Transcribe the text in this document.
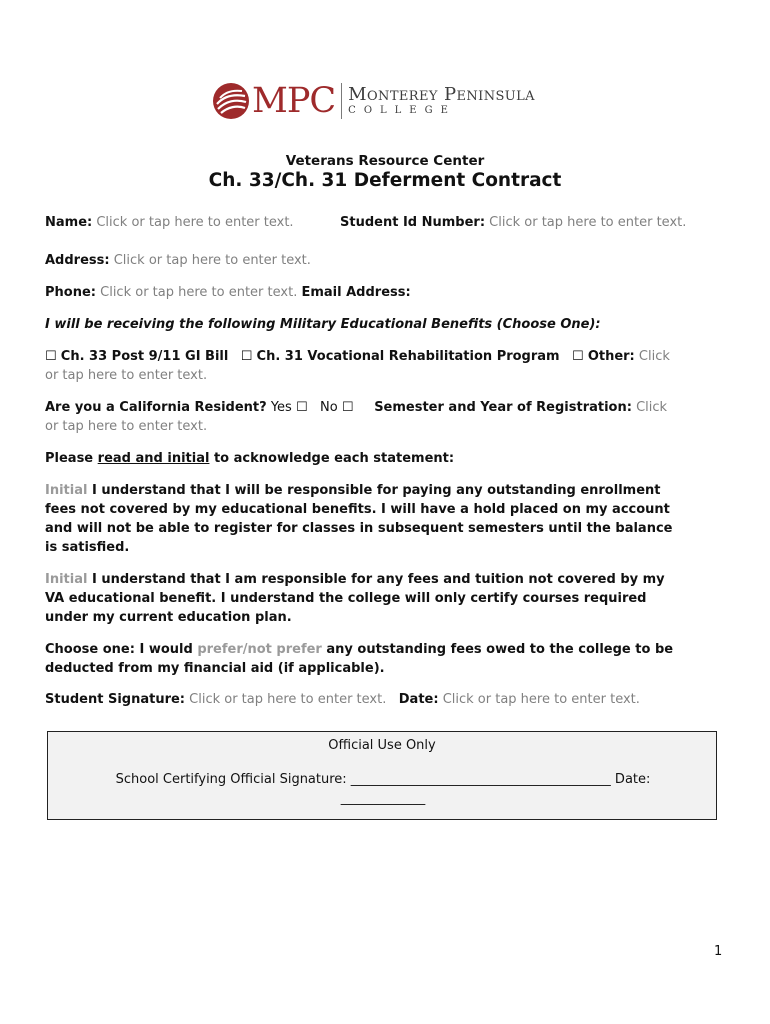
MPC Monterey Peninsula
COLLEGE
Veterans Resource Center
Ch. 33/Ch. 31 Deferment Contract
Name: Click or tap here to enter text.	Student Id Number: Click or tap here to enter text.
Address: Click or tap here to enter text.
Phone: Click or tap here to enter text. Email Address:
I will be receiving the following Military Educational Benefits (Choose One):
☐ Ch. 33 Post 9/11 GI Bill ☐ Ch. 31 Vocational Rehabilitation Program ☐ Other: Click
or tap here to enter text.
Are you a California Resident? Yes ☐ No ☐ Semester and Year of Registration: Click
or tap here to enter text.
Please read and initial to acknowledge each statement:
Initial I understand that I will be responsible for paying any outstanding enrollment
fees not covered by my educational benefits. I will have a hold placed on my account
and will not be able to register for classes in subsequent semesters until the balance
is satisfied.
Initial I understand that I am responsible for any fees and tuition not covered by my
VA educational benefit. I understand the college will only certify courses required
under my current education plan.
Choose one: I would prefer/not prefer any outstanding fees owed to the college to be
deducted from my financial aid (if applicable).
Student Signature: Click or tap here to enter text. Date: Click or tap here to enter text.
Official Use Only
School Certifying Official Signature: ________________________________________ Date:
_____________
1
